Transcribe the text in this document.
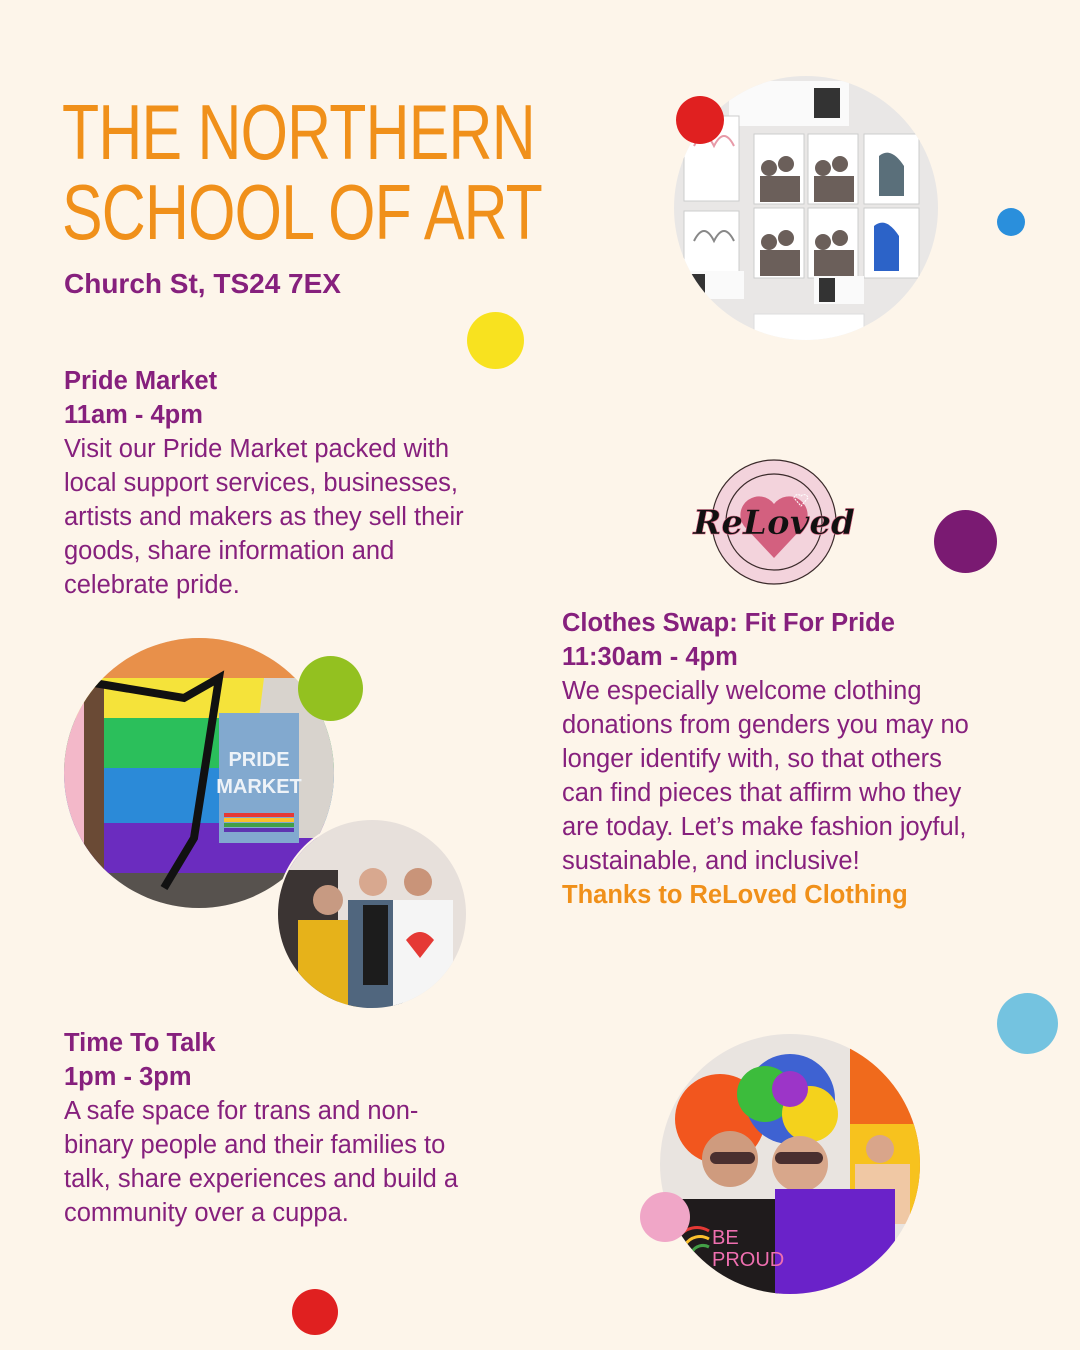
THE NORTHERN
SCHOOL OF ART
Church St, TS24 7EX

Pride Market

11am - 4pm

Visit our Pride Market packed with

local support services, businesses,

artists and makers as they sell their

goods, share information and

celebrate pride.

Clothes Swap: Fit For Pride

11:30am - 4pm

We especially welcome clothing

donations from genders you may no

longer identify with, so that others

can find pieces that affirm who they

are today. Let’s make fashion joyful,

sustainable, and inclusive!

Thanks to ReLoved Clothing

Time To Talk

1pm - 3pm

A safe space for trans and non-

binary people and their families to

talk, share experiences and build a

community over a cuppa.

ReLoved
PRIDE
MARKET
BE
PROUD
